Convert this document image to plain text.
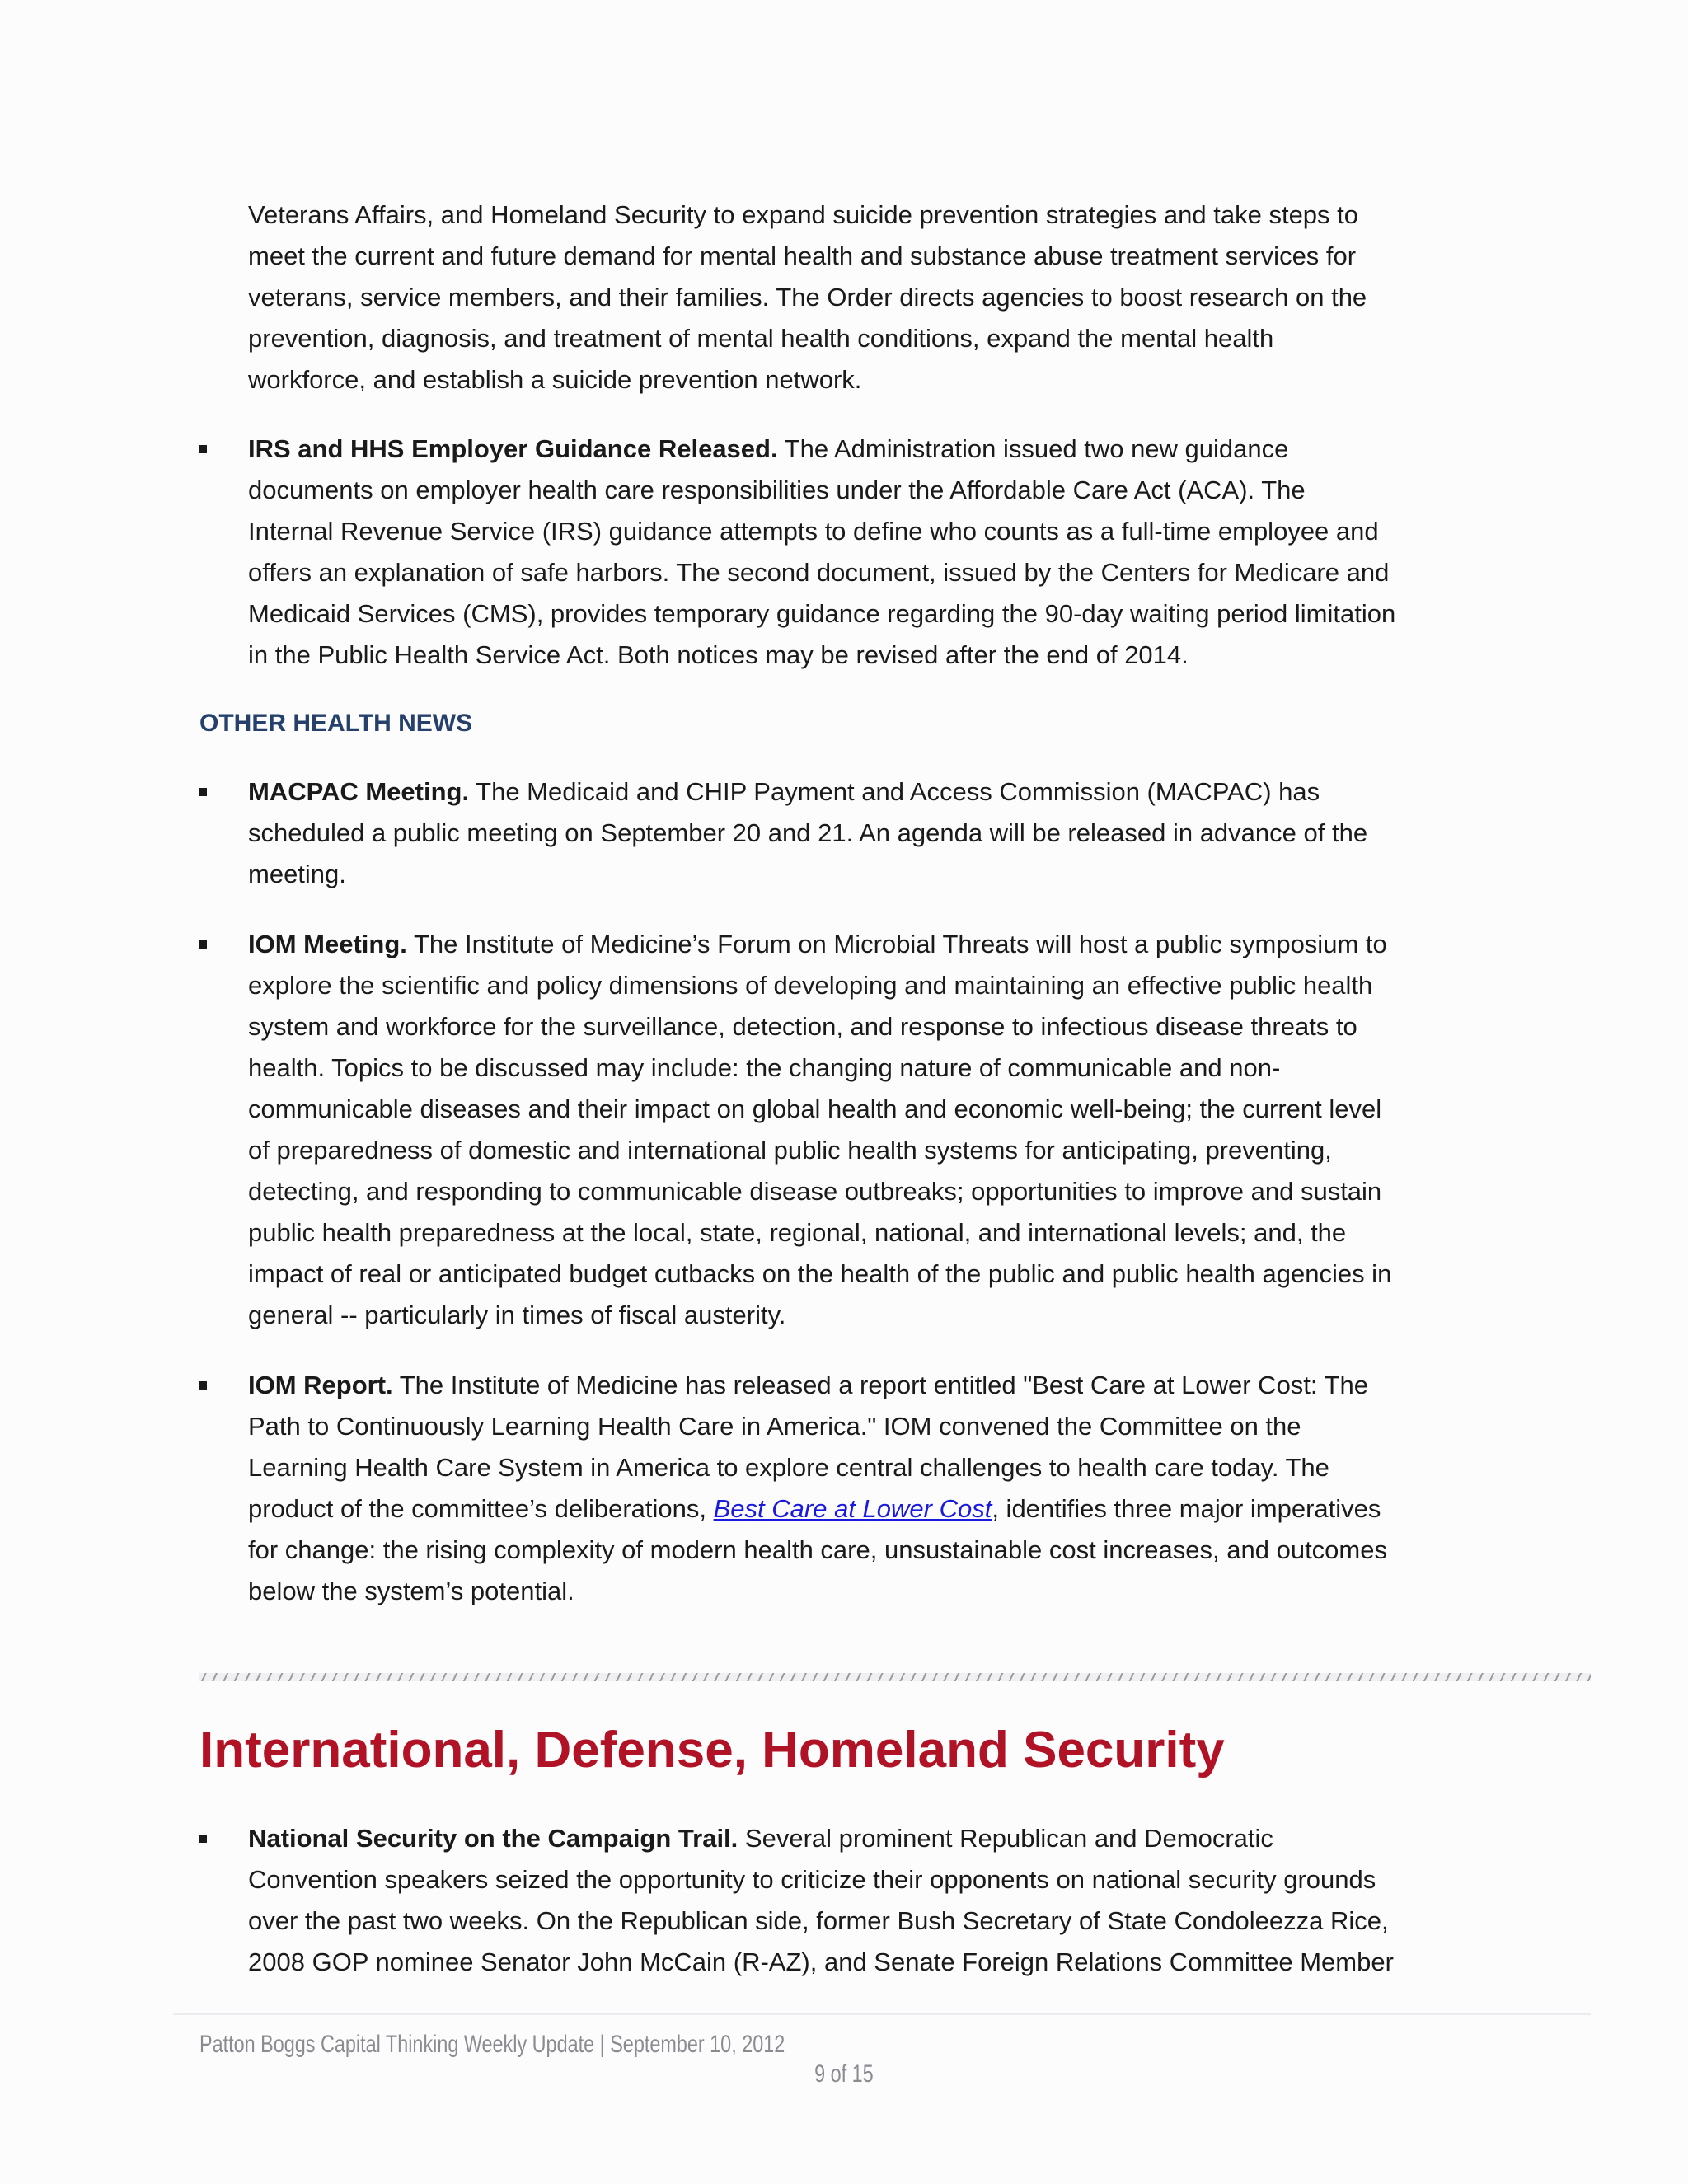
Veterans Affairs, and Homeland Security to expand suicide prevention strategies and take steps to
meet the current and future demand for mental health and substance abuse treatment services for
veterans, service members, and their families. The Order directs agencies to boost research on the
prevention, diagnosis, and treatment of mental health conditions, expand the mental health
workforce, and establish a suicide prevention network.
IRS and HHS Employer Guidance Released. The Administration issued two new guidance
documents on employer health care responsibilities under the Affordable Care Act (ACA). The
Internal Revenue Service (IRS) guidance attempts to define who counts as a full-time employee and
offers an explanation of safe harbors. The second document, issued by the Centers for Medicare and
Medicaid Services (CMS), provides temporary guidance regarding the 90-day waiting period limitation
in the Public Health Service Act. Both notices may be revised after the end of 2014.
OTHER HEALTH NEWS
MACPAC Meeting. The Medicaid and CHIP Payment and Access Commission (MACPAC) has
scheduled a public meeting on September 20 and 21. An agenda will be released in advance of the
meeting.
IOM Meeting. The Institute of Medicine’s Forum on Microbial Threats will host a public symposium to
explore the scientific and policy dimensions of developing and maintaining an effective public health
system and workforce for the surveillance, detection, and response to infectious disease threats to
health. Topics to be discussed may include: the changing nature of communicable and non-
communicable diseases and their impact on global health and economic well-being; the current level
of preparedness of domestic and international public health systems for anticipating, preventing,
detecting, and responding to communicable disease outbreaks; opportunities to improve and sustain
public health preparedness at the local, state, regional, national, and international levels; and, the
impact of real or anticipated budget cutbacks on the health of the public and public health agencies in
general -- particularly in times of fiscal austerity.
IOM Report. The Institute of Medicine has released a report entitled "Best Care at Lower Cost: The
Path to Continuously Learning Health Care in America." IOM convened the Committee on the
Learning Health Care System in America to explore central challenges to health care today. The
product of the committee’s deliberations, Best Care at Lower Cost, identifies three major imperatives
for change: the rising complexity of modern health care, unsustainable cost increases, and outcomes
below the system’s potential.
International, Defense, Homeland Security
National Security on the Campaign Trail. Several prominent Republican and Democratic
Convention speakers seized the opportunity to criticize their opponents on national security grounds
over the past two weeks. On the Republican side, former Bush Secretary of State Condoleezza Rice,
2008 GOP nominee Senator John McCain (R-AZ), and Senate Foreign Relations Committee Member
Patton Boggs Capital Thinking Weekly Update | September 10, 2012
9 of 15
